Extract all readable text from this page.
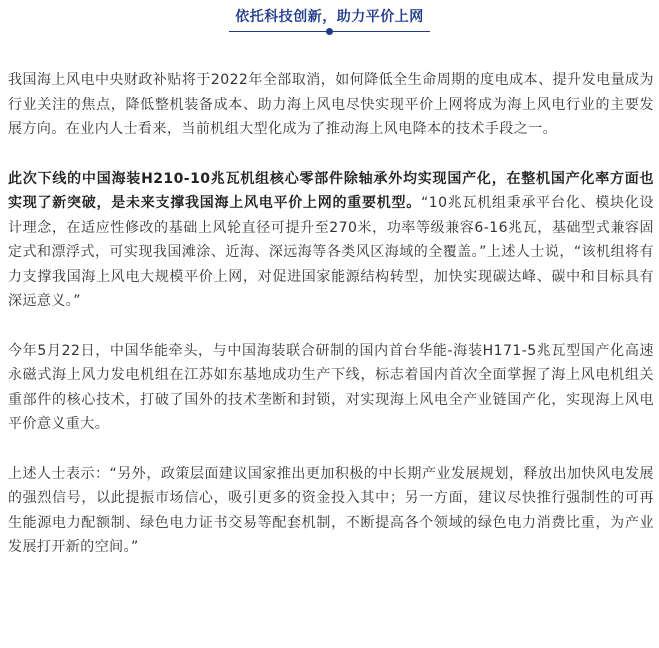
依托科技创新，助力平价上网

我国海上风电中央财政补贴将于2022年全部取消，如何降低全生命周期的度电成本、提升发电量成为行业关注的焦点，降低整机装备成本、助力海上风电尽快实现平价上网将成为海上风电行业的主要发展方向。在业内人士看来，当前机组大型化成为了推动海上风电降本的技术手段之一。

此次下线的中国海装H210-10兆瓦机组核心零部件除轴承外均实现国产化，在整机国产化率方面也实现了新突破，是未来支撑我国海上风电平价上网的重要机型。“10兆瓦机组秉承平台化、模块化设计理念，在适应性修改的基础上风轮直径可提升至270米，功率等级兼容6-16兆瓦，基础型式兼容固定式和漂浮式，可实现我国滩涂、近海、深远海等各类风区海域的全覆盖。”上述人士说，“该机组将有力支撑我国海上风电大规模平价上网，对促进国家能源结构转型，加快实现碳达峰、碳中和目标具有深远意义。”

今年5月22日，中国华能牵头，与中国海装联合研制的国内首台华能-海装H171-5兆瓦型国产化高速永磁式海上风力发电机组在江苏如东基地成功生产下线，标志着国内首次全面掌握了海上风电机组关重部件的核心技术，打破了国外的技术垄断和封锁，对实现海上风电全产业链国产化，实现海上风电平价意义重大。

上述人士表示：“另外，政策层面建议国家推出更加积极的中长期产业发展规划，释放出加快风电发展的强烈信号，以此提振市场信心，吸引更多的资金投入其中；另一方面，建议尽快推行强制性的可再生能源电力配额制、绿色电力证书交易等配套机制，不断提高各个领域的绿色电力消费比重，为产业发展打开新的空间。”
